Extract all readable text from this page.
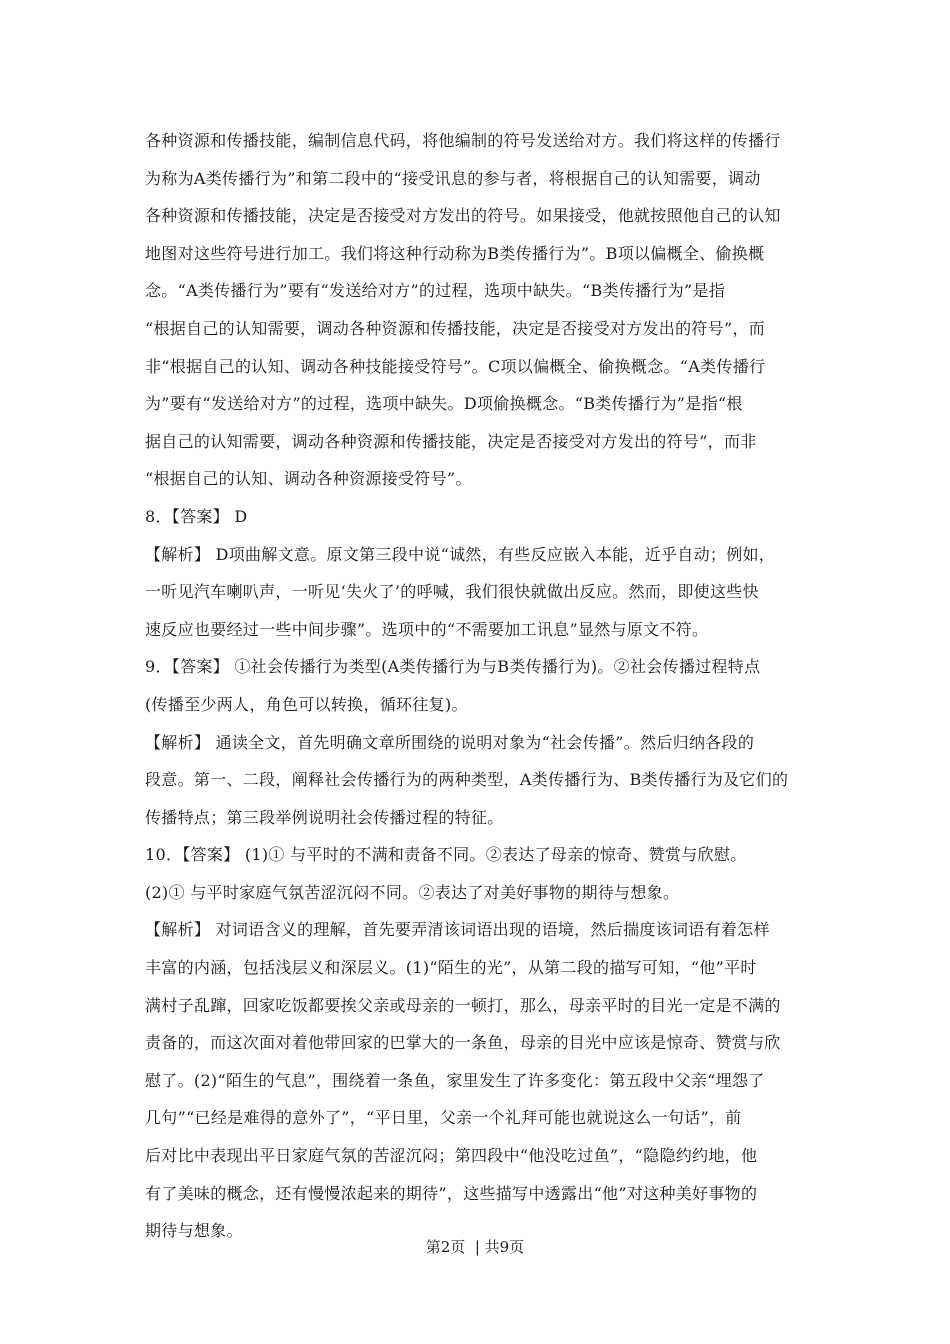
各种资源和传播技能，编制信息代码，将他编制的符号发送给对方。我们将这样的传播行
为称为A类传播行为”和第二段中的“接受讯息的参与者，将根据自己的认知需要，调动
各种资源和传播技能，决定是否接受对方发出的符号。如果接受，他就按照他自己的认知
地图对这些符号进行加工。我们将这种行动称为B类传播行为”。B项以偏概全、偷换概
念。“A类传播行为”要有“发送给对方”的过程，选项中缺失。“B类传播行为”是指
“根据自己的认知需要，调动各种资源和传播技能，决定是否接受对方发出的符号”，而
非“根据自己的认知、调动各种技能接受符号”。C项以偏概全、偷换概念。“A类传播行
为”要有“发送给对方”的过程，选项中缺失。D项偷换概念。“B类传播行为”是指“根
据自己的认知需要，调动各种资源和传播技能，决定是否接受对方发出的符号”，而非
“根据自己的认知、调动各种资源接受符号”。
8．【答案】 D
【解析】 D项曲解文意。原文第三段中说“诚然，有些反应嵌入本能，近乎自动；例如，
一听见汽车喇叭声，一听见‘失火了’的呼喊，我们很快就做出反应。然而，即使这些快
速反应也要经过一些中间步骤”。选项中的“不需要加工讯息”显然与原文不符。
9．【答案】 ①社会传播行为类型(A类传播行为与B类传播行为)。②社会传播过程特点
(传播至少两人，角色可以转换，循环往复)。
【解析】 通读全文，首先明确文章所围绕的说明对象为“社会传播”。然后归纳各段的
段意。第一、二段，阐释社会传播行为的两种类型，A类传播行为、B类传播行为及它们的
传播特点；第三段举例说明社会传播过程的特征。
10．【答案】 (1)① 与平时的不满和责备不同。②表达了母亲的惊奇、赞赏与欣慰。
(2)① 与平时家庭气氛苦涩沉闷不同。②表达了对美好事物的期待与想象。
【解析】 对词语含义的理解，首先要弄清该词语出现的语境，然后揣度该词语有着怎样
丰富的内涵，包括浅层义和深层义。(1)“陌生的光”，从第二段的描写可知，“他”平时
满村子乱蹿，回家吃饭都要挨父亲或母亲的一顿打，那么，母亲平时的目光一定是不满的
责备的，而这次面对着他带回家的巴掌大的一条鱼，母亲的目光中应该是惊奇、赞赏与欣
慰了。(2)“陌生的气息”，围绕着一条鱼，家里发生了许多变化：第五段中父亲“埋怨了
几句”“已经是难得的意外了”，“平日里，父亲一个礼拜可能也就说这么一句话”，前
后对比中表现出平日家庭气氛的苦涩沉闷；第四段中“他没吃过鱼”，“隐隐约约地，他
有了美味的概念，还有慢慢浓起来的期待”，这些描写中透露出“他”对这种美好事物的
期待与想象。
第2页  | 共9页
